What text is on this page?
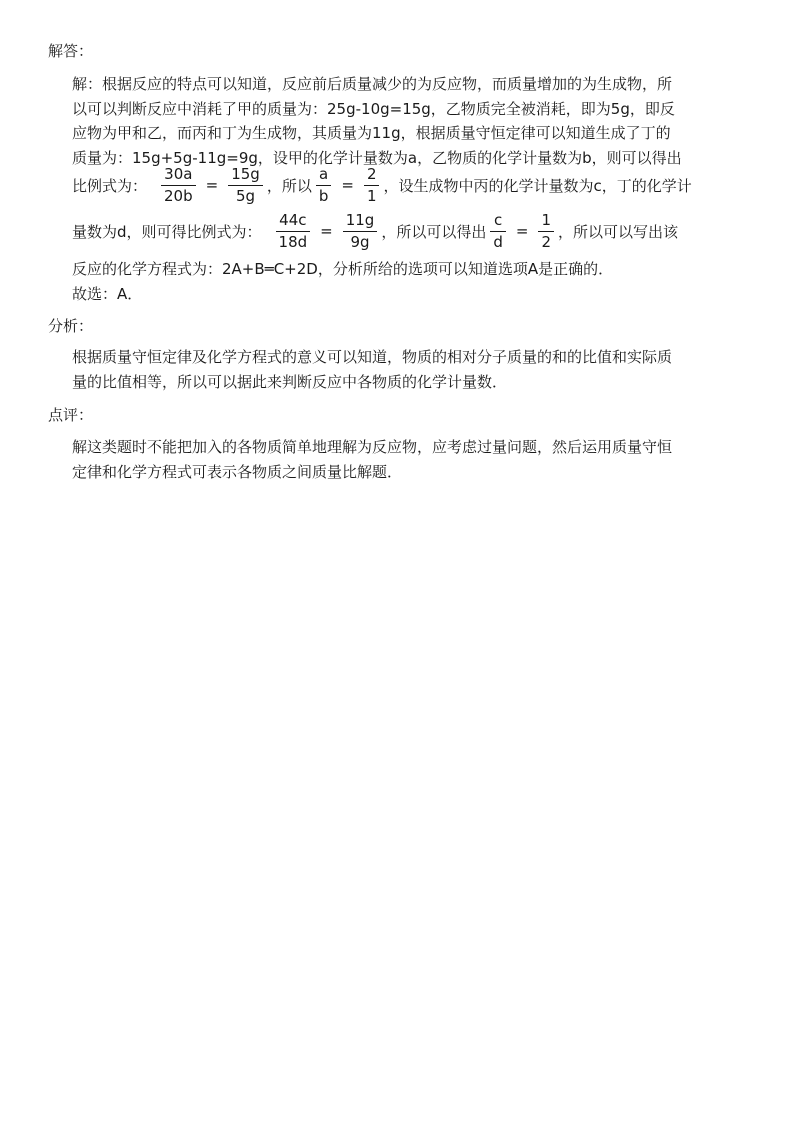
解答：
解：根据反应的特点可以知道，反应前后质量减少的为反应物，而质量增加的为生成物，所
以可以判断反应中消耗了甲的质量为：25g-10g=15g，乙物质完全被消耗，即为5g，即反
应物为甲和乙，而丙和丁为生成物，其质量为11g，根据质量守恒定律可以知道生成了丁的
质量为：15g+5g-11g=9g，设甲的化学计量数为a，乙物质的化学计量数为b，则可以得出
比例式为： $\frac{30a}{20b} = \frac{15g}{5g}$ ，所以 $\frac{a}{b} = \frac{2}{1}$ ，设生成物中丙的化学计量数为c，丁的化学计
量数为d，则可得比例式为： $\frac{44c}{18d} = \frac{11g}{9g}$ ，所以可以得出 $\frac{c}{d} = \frac{1}{2}$ ，所以可以写出该
反应的化学方程式为：2A+B═C+2D，分析所给的选项可以知道选项A是正确的．
故选：A．
分析：
根据质量守恒定律及化学方程式的意义可以知道，物质的相对分子质量的和的比值和实际质
量的比值相等，所以可以据此来判断反应中各物质的化学计量数．
点评：
解这类题时不能把加入的各物质简单地理解为反应物，应考虑过量问题，然后运用质量守恒
定律和化学方程式可表示各物质之间质量比解题．
